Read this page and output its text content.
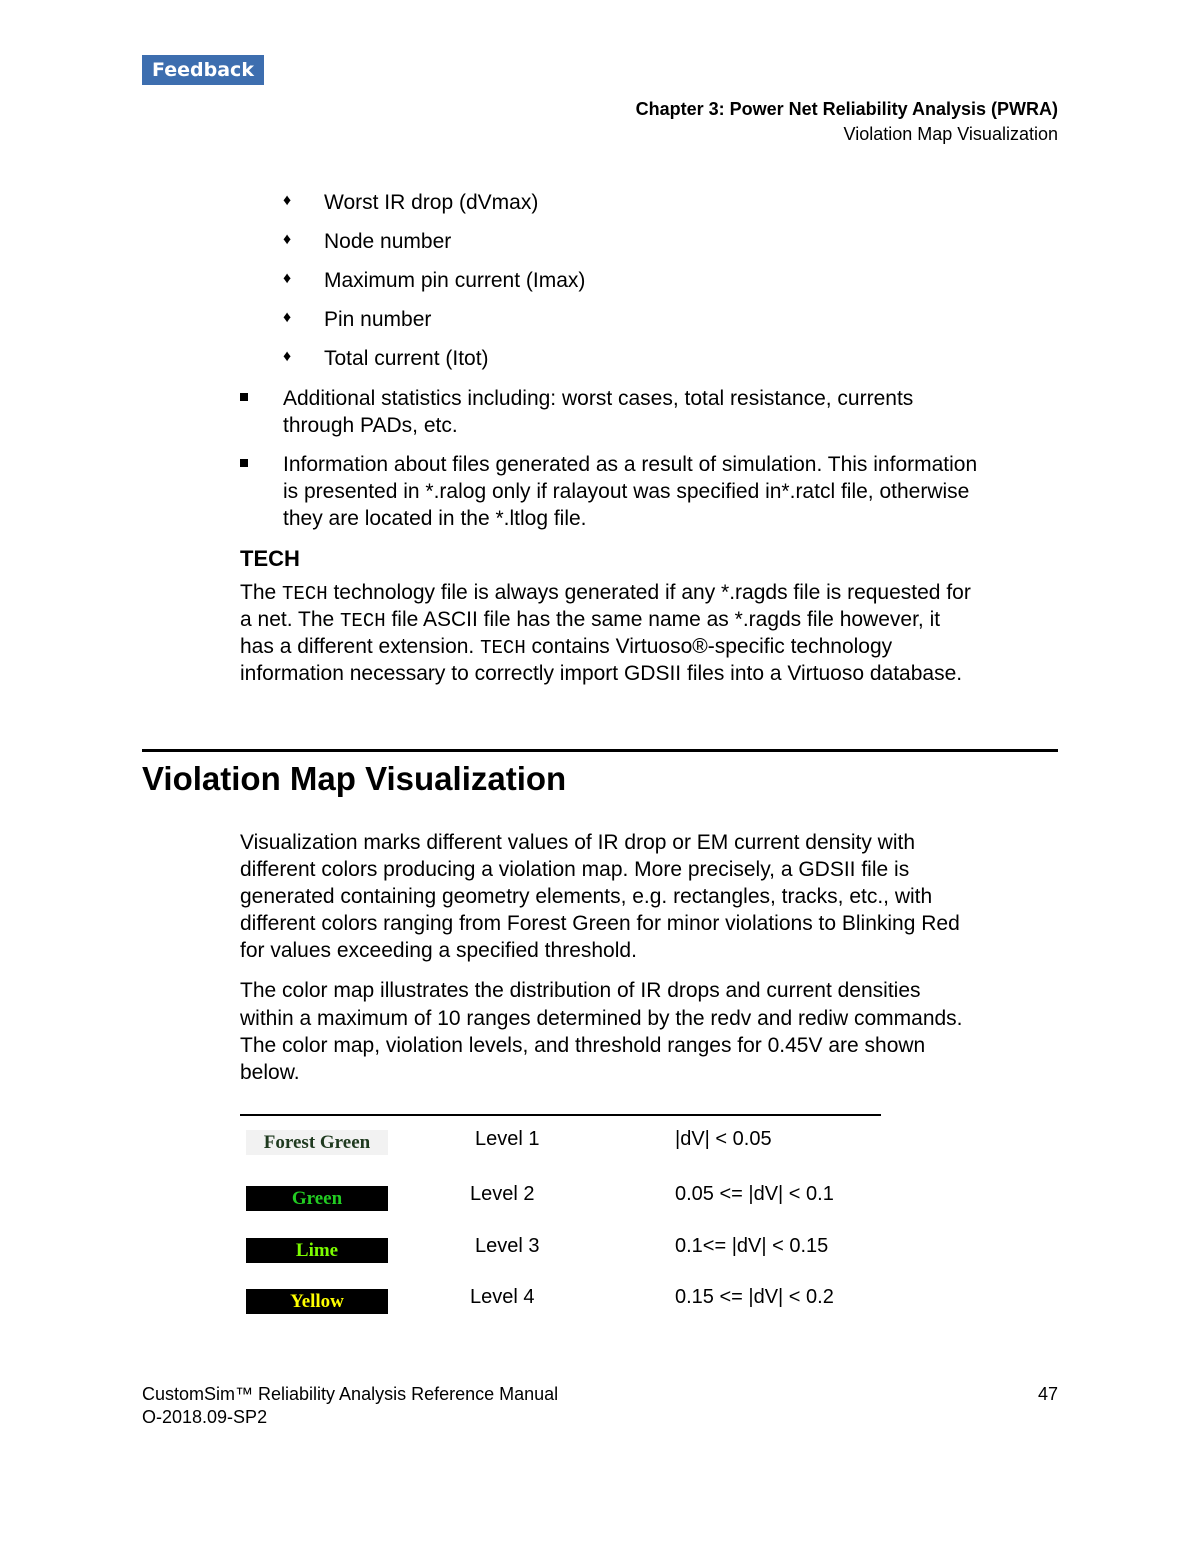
Feedback
Chapter 3: Power Net Reliability Analysis (PWRA)
Violation Map Visualization
♦ Worst IR drop (dVmax)
♦ Node number
♦ Maximum pin current (Imax)
♦ Pin number
♦ Total current (Itot)
Additional statistics including: worst cases, total resistance, currents
through PADs, etc.
Information about files generated as a result of simulation. This information
is presented in *.ralog only if ralayout was specified in*.ratcl file, otherwise
they are located in the *.ltlog file.
TECH
The TECH technology file is always generated if any *.ragds file is requested for
a net. The TECH file ASCII file has the same name as *.ragds file however, it
has a different extension. TECH contains Virtuoso®-specific technology
information necessary to correctly import GDSII files into a Virtuoso database.
Violation Map Visualization
Visualization marks different values of IR drop or EM current density with
different colors producing a violation map. More precisely, a GDSII file is
generated containing geometry elements, e.g. rectangles, tracks, etc., with
different colors ranging from Forest Green for minor violations to Blinking Red
for values exceeding a specified threshold.
The color map illustrates the distribution of IR drops and current densities
within a maximum of 10 ranges determined by the redv and rediw commands.
The color map, violation levels, and threshold ranges for 0.45V are shown
below.
Forest Green	Level 1	|dV| < 0.05
Green	Level 2	0.05 <= |dV| < 0.1
Lime	Level 3	0.1<= |dV| < 0.15
Yellow	Level 4	0.15 <= |dV| < 0.2
CustomSim™ Reliability Analysis Reference Manual
O-2018.09-SP2
47
